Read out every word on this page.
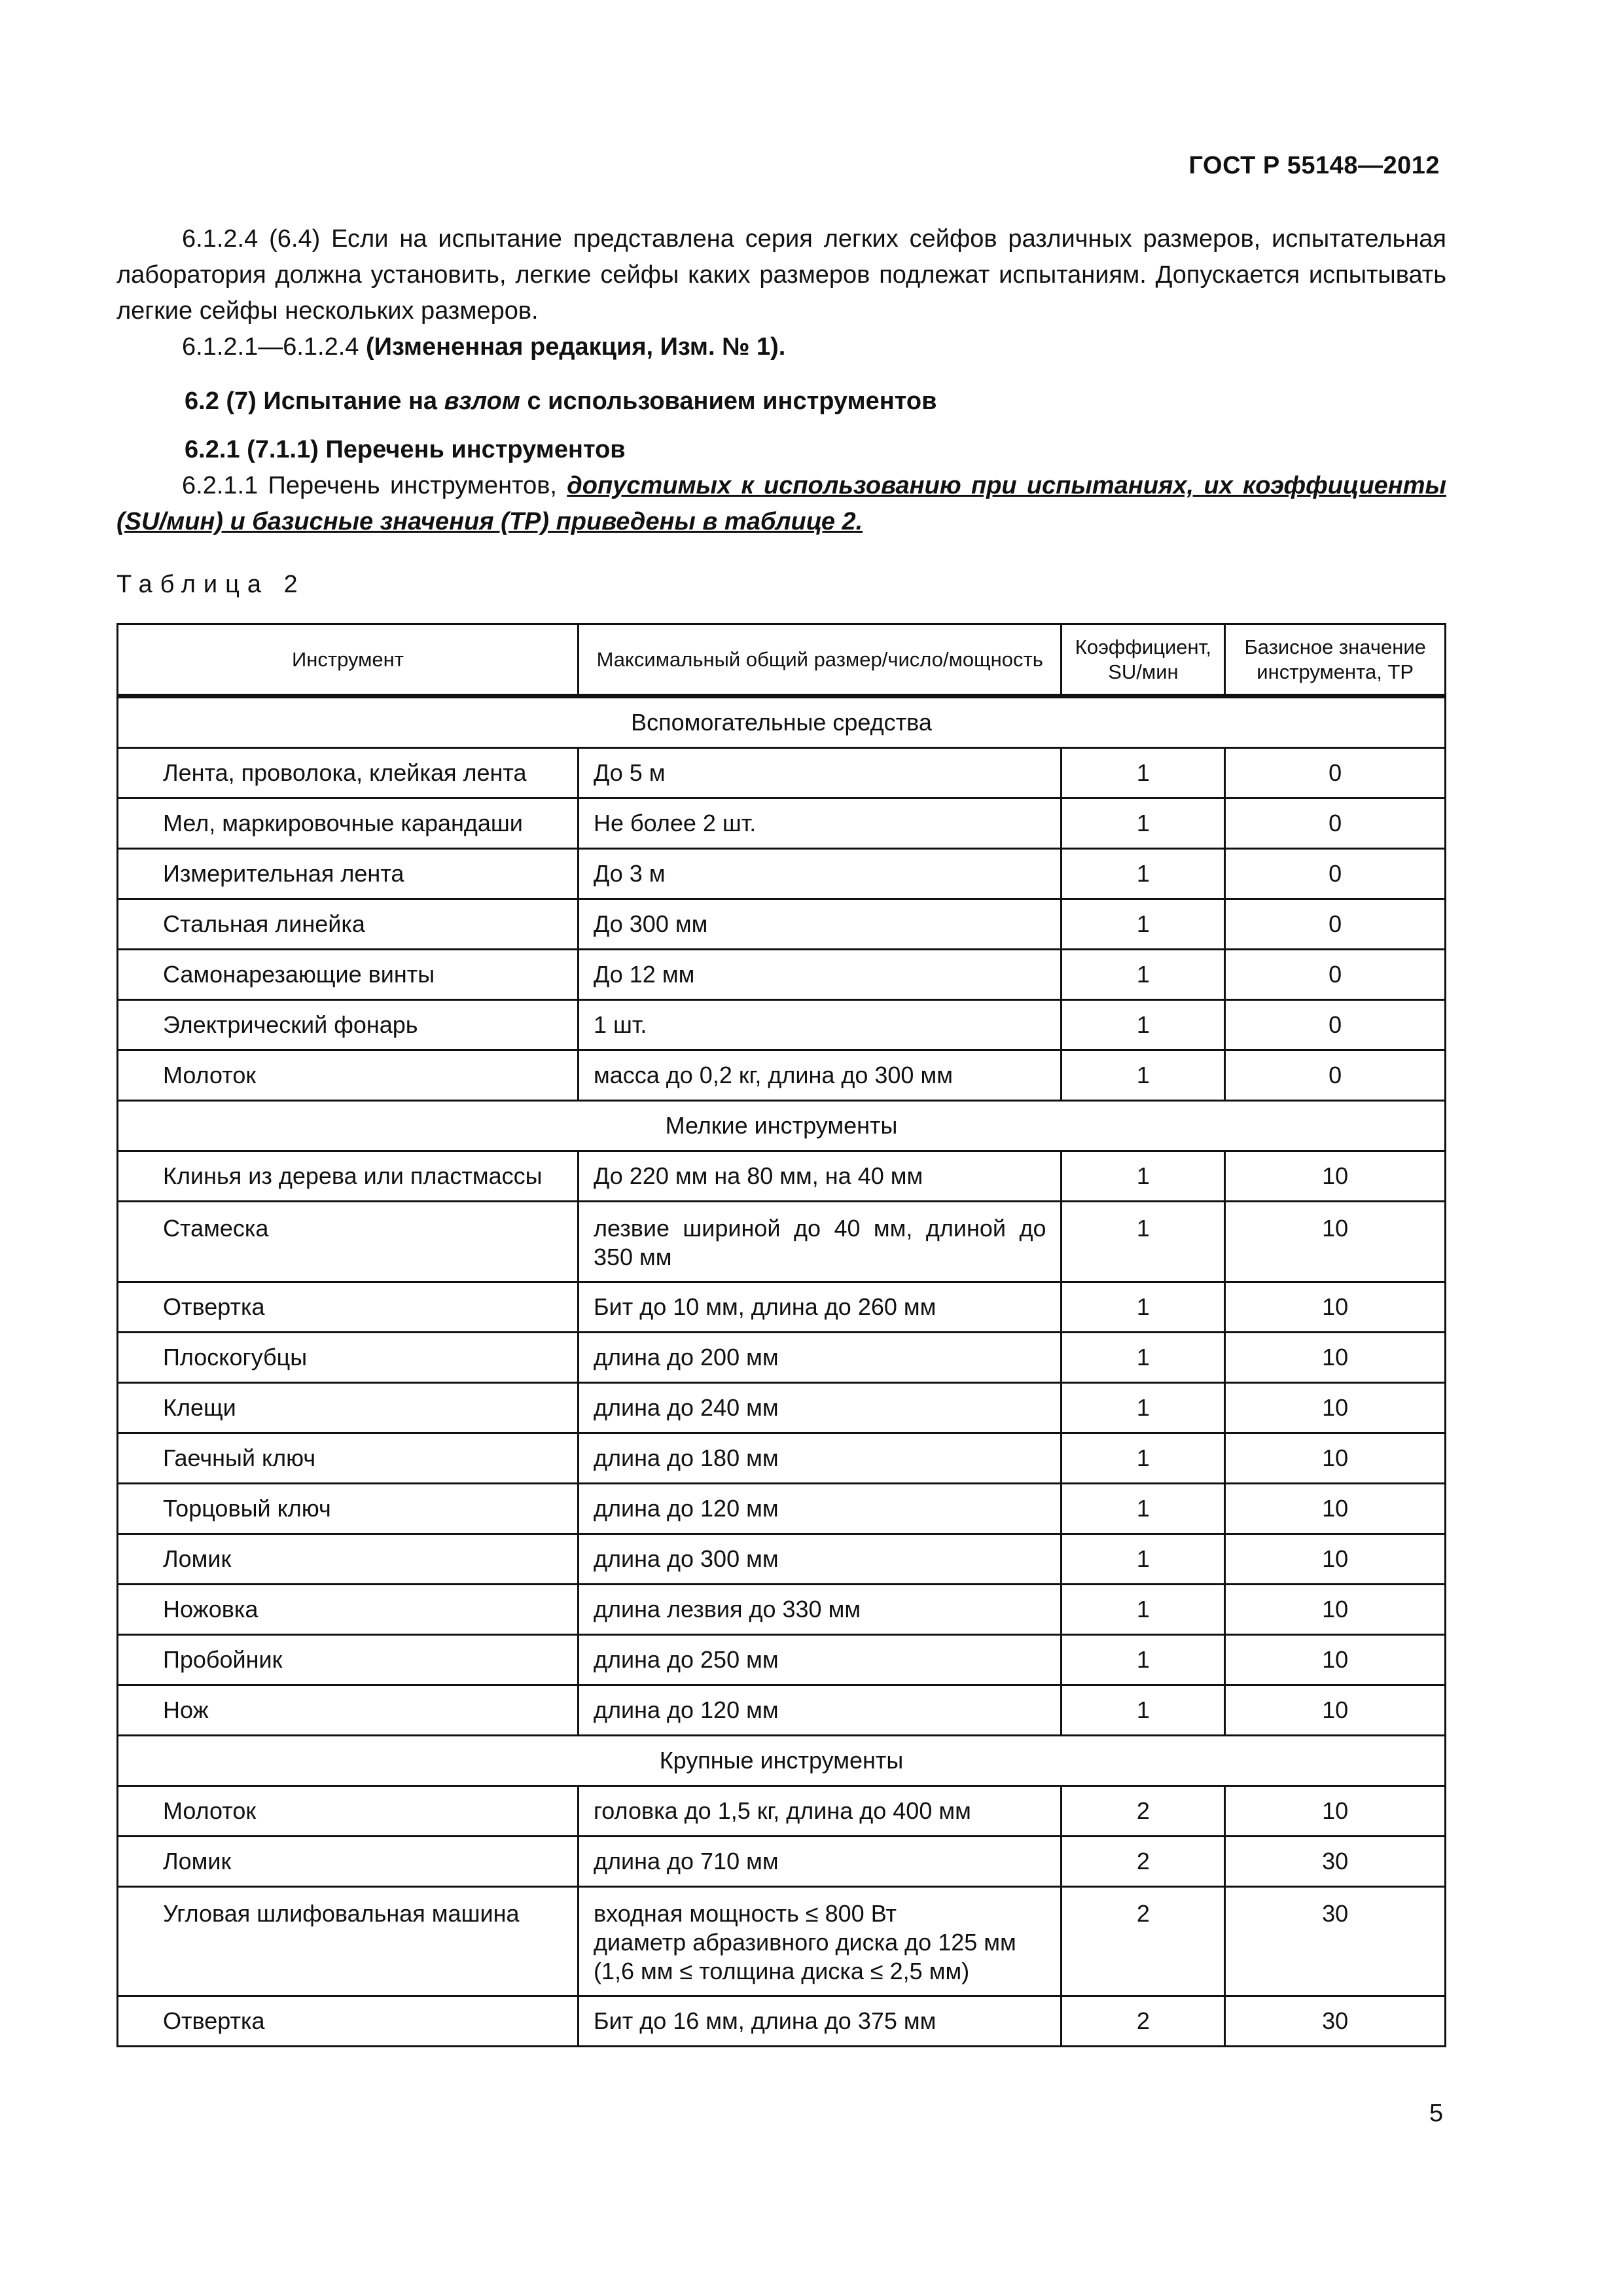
ГОСТ Р 55148—2012
6.1.2.4 (6.4) Если на испытание представлена серия легких сейфов различных размеров, испытательная лаборатория должна установить, легкие сейфы каких размеров подлежат испытаниям. Допускается испытывать легкие сейфы нескольких размеров.
6.1.2.1—6.1.2.4 (Измененная редакция, Изм. № 1).
6.2 (7) Испытание на взлом с использованием инструментов
6.2.1 (7.1.1) Перечень инструментов
6.2.1.1 Перечень инструментов, допустимых к использованию при испытаниях, их коэффициенты (SU/мин) и базисные значения (TP) приведены в таблице 2.
Таблица 2
Инструмент	Максимальный общий размер/число/мощность	Коэффициент, SU/мин	Базисное значение инструмента, TP
Вспомогательные средства			
Лента, проволока, клейкая лента	До 5 м	1	0
Мел, маркировочные карандаши	Не более 2 шт.	1	0
Измерительная лента	До 3 м	1	0
Стальная линейка	До 300 мм	1	0
Самонарезающие винты	До 12 мм	1	0
Электрический фонарь	1 шт.	1	0
Молоток	масса до 0,2 кг, длина до 300 мм	1	0
Мелкие инструменты			
Клинья из дерева или пластмассы	До 220 мм на 80 мм, на 40 мм	1	10
Стамеска	лезвие шириной до 40 мм, длиной до 350 мм	1	10
Отвертка	Бит до 10 мм, длина до 260 мм	1	10
Плоскогубцы	длина до 200 мм	1	10
Клещи	длина до 240 мм	1	10
Гаечный ключ	длина до 180 мм	1	10
Торцовый ключ	длина до 120 мм	1	10
Ломик	длина до 300 мм	1	10
Ножовка	длина лезвия до 330 мм	1	10
Пробойник	длина до 250 мм	1	10
Нож	длина до 120 мм	1	10
Крупные инструменты			
Молоток	головка до 1,5 кг, длина до 400 мм	2	10
Ломик	длина до 710 мм	2	30
Угловая шлифовальная машина	входная мощность ≤ 800 Вт
диаметр абразивного диска до 125 мм
(1,6 мм ≤ толщина диска ≤ 2,5 мм)	2	30
Отвертка	Бит до 16 мм, длина до 375 мм	2	30
5
